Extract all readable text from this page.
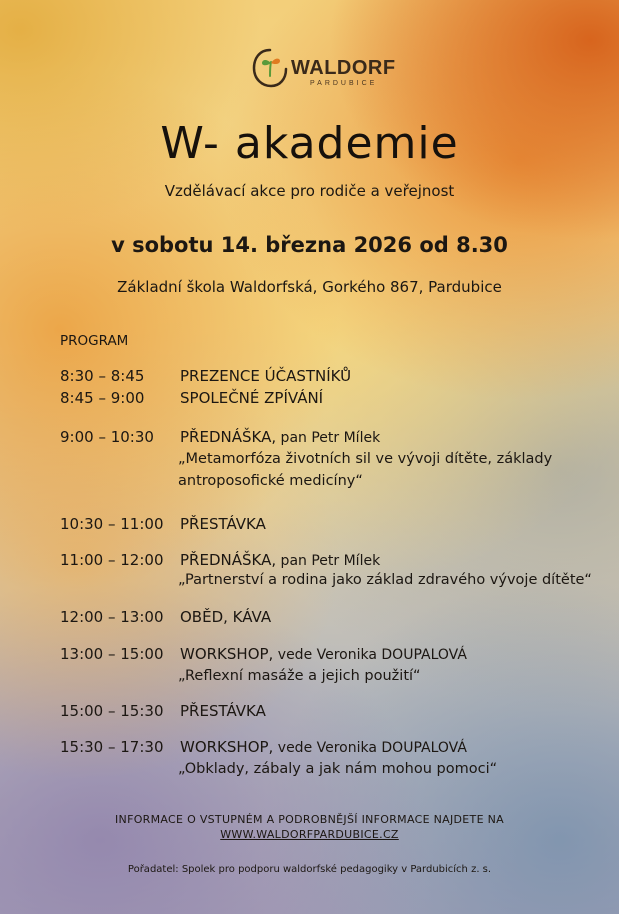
WALDORF
PARDUBICE
W- akademie
Vzdělávací akce pro rodiče a veřejnost
v sobotu 14. března 2026 od 8.30
Základní škola Waldorfská, Gorkého 867, Pardubice
PROGRAM
8:30 – 8:45 PREZENCE ÚČASTNÍKŮ
8:45 – 9:00 SPOLEČNÉ ZPÍVÁNÍ
9:00 – 10:30 PŘEDNÁŠKA, pan Petr Mílek
„Metamorfóza životních sil ve vývoji dítěte, základy
antroposofické medicíny“
10:30 – 11:00 PŘESTÁVKA
11:00 – 12:00 PŘEDNÁŠKA, pan Petr Mílek
„Partnerství a rodina jako základ zdravého vývoje dítěte“
12:00 – 13:00 OBĚD, KÁVA
13:00 – 15:00 WORKSHOP, vede Veronika DOUPALOVÁ
„Reflexní masáže a jejich použití“
15:00 – 15:30 PŘESTÁVKA
15:30 – 17:30 WORKSHOP, vede Veronika DOUPALOVÁ
„Obklady, zábaly a jak nám mohou pomoci“
INFORMACE O VSTUPNÉM A PODROBNĚJŠÍ INFORMACE NAJDETE NA
WWW.WALDORFPARDUBICE.CZ
Pořadatel: Spolek pro podporu waldorfské pedagogiky v Pardubicích z. s.
